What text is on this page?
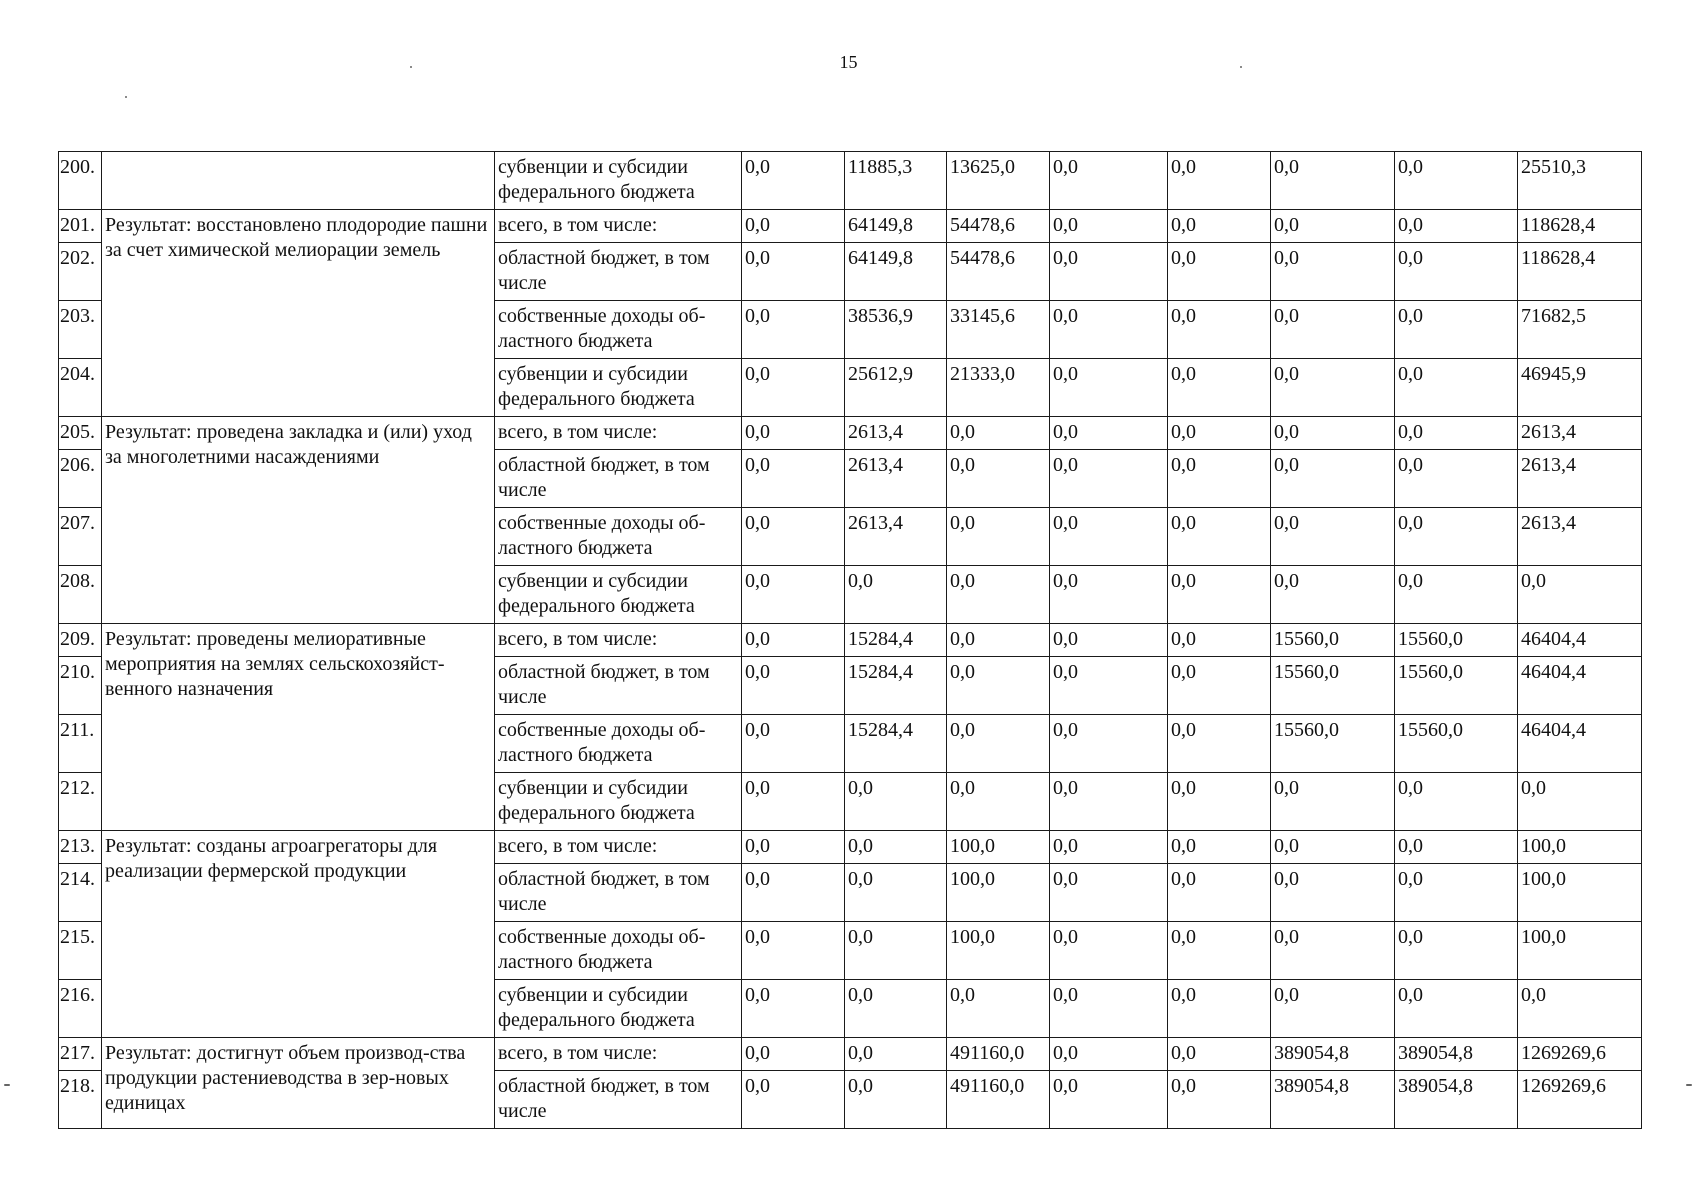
15
200.		субвенции и субсидии федерального бюджета	0,0	11885,3	13625,0	0,0	0,0	0,0	0,0	25510,3
201.	Результат: восстановлено плодородие пашни за счет химической мелиорации земель	всего, в том числе:	0,0	64149,8	54478,6	0,0	0,0	0,0	0,0	118628,4
202.		областной бюджет, в том числе	0,0	64149,8	54478,6	0,0	0,0	0,0	0,0	118628,4
203.		собственные доходы об-ластного бюджета	0,0	38536,9	33145,6	0,0	0,0	0,0	0,0	71682,5
204.		субвенции и субсидии федерального бюджета	0,0	25612,9	21333,0	0,0	0,0	0,0	0,0	46945,9
205.	Результат: проведена закладка и (или) уход за многолетними насаждениями	всего, в том числе:	0,0	2613,4	0,0	0,0	0,0	0,0	0,0	2613,4
206.		областной бюджет, в том числе	0,0	2613,4	0,0	0,0	0,0	0,0	0,0	2613,4
207.		собственные доходы об-ластного бюджета	0,0	2613,4	0,0	0,0	0,0	0,0	0,0	2613,4
208.		субвенции и субсидии федерального бюджета	0,0	0,0	0,0	0,0	0,0	0,0	0,0	0,0
209.	Результат: проведены мелиоративные мероприятия на землях сельскохозяйст-венного назначения	всего, в том числе:	0,0	15284,4	0,0	0,0	0,0	15560,0	15560,0	46404,4
210.		областной бюджет, в том числе	0,0	15284,4	0,0	0,0	0,0	15560,0	15560,0	46404,4
211.		собственные доходы об-ластного бюджета	0,0	15284,4	0,0	0,0	0,0	15560,0	15560,0	46404,4
212.		субвенции и субсидии федерального бюджета	0,0	0,0	0,0	0,0	0,0	0,0	0,0	0,0
213.	Результат: созданы агроагрегаторы для реализации фермерской продукции	всего, в том числе:	0,0	0,0	100,0	0,0	0,0	0,0	0,0	100,0
214.		областной бюджет, в том числе	0,0	0,0	100,0	0,0	0,0	0,0	0,0	100,0
215.		собственные доходы об-ластного бюджета	0,0	0,0	100,0	0,0	0,0	0,0	0,0	100,0
216.		субвенции и субсидии федерального бюджета	0,0	0,0	0,0	0,0	0,0	0,0	0,0	0,0
217.	Результат: достигнут объем производ-ства продукции растениеводства в зер-новых единицах	всего, в том числе:	0,0	0,0	491160,0	0,0	0,0	389054,8	389054,8	1269269,6
218.		областной бюджет, в том числе	0,0	0,0	491160,0	0,0	0,0	389054,8	389054,8	1269269,6
